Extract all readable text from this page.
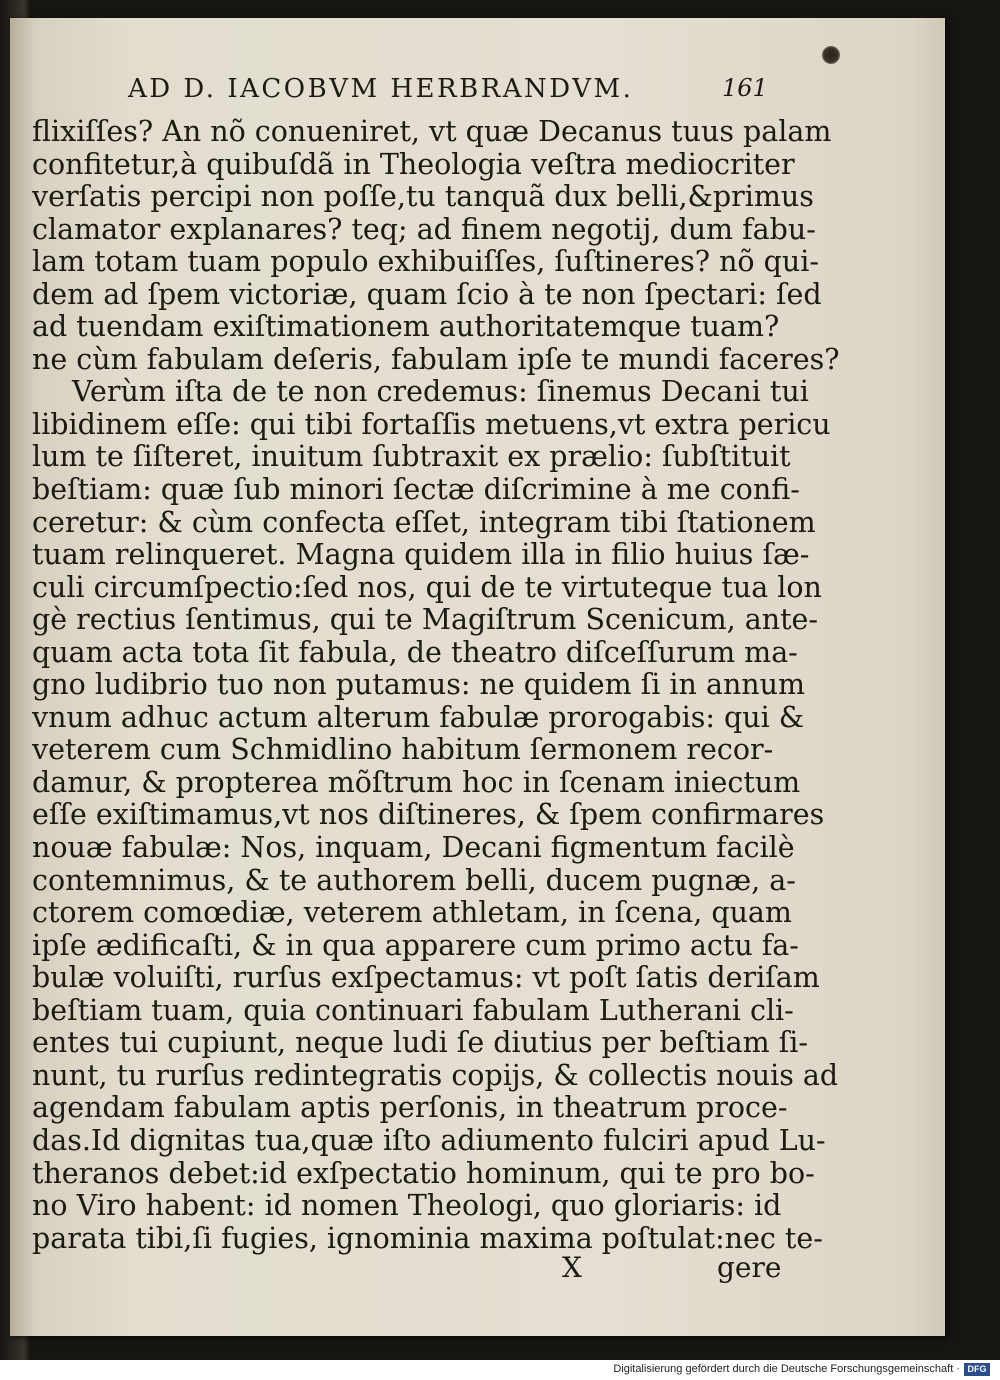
AD D. IACOBVM HERBRANDVM.	161
flixiſſes? An nõ conueniret, vt quæ Decanus tuus palam
confitetur,à quibuſdã in Theologia veſtra mediocriter
verſatis percipi non poſſe,tu tanquã dux belli,&primus
clamator explanares? teq; ad finem negotij, dum fabu-
lam totam tuam populo exhibuiſſes, ſuſtineres? nõ qui-
dem ad ſpem victoriæ, quam ſcio à te non ſpectari: ſed
ad tuendam exiſtimationem authoritatemque tuam?
ne cùm fabulam deſeris, fabulam ipſe te mundi faceres?
Verùm iſta de te non credemus: ſinemus Decani tui
libidinem eſſe: qui tibi fortaſſis metuens,vt extra pericu
lum te ſiſteret, inuitum ſubtraxit ex prælio: ſubſtituit
beſtiam: quæ ſub minori ſectæ diſcrimine à me confi-
ceretur: & cùm confecta eſſet, integram tibi ſtationem
tuam relinqueret. Magna quidem illa in filio huius ſæ-
culi circumſpectio:ſed nos, qui de te virtuteque tua lon
gè rectius ſentimus, qui te Magiſtrum Scenicum, ante-
quam acta tota ſit fabula, de theatro diſceſſurum ma-
gno ludibrio tuo non putamus: ne quidem ſi in annum
vnum adhuc actum alterum fabulæ prorogabis: qui &
veterem cum Schmidlino habitum ſermonem recor-
damur, & propterea mõſtrum hoc in ſcenam iniectum
eſſe exiſtimamus,vt nos diſtineres, & ſpem confirmares
nouæ fabulæ: Nos, inquam, Decani figmentum facilè
contemnimus, & te authorem belli, ducem pugnæ, a-
ctorem comœdiæ, veterem athletam, in ſcena, quam
ipſe ædificaſti, & in qua apparere cum primo actu fa-
bulæ voluiſti, rurſus exſpectamus: vt poſt ſatis deriſam
beſtiam tuam, quia continuari fabulam Lutherani cli-
entes tui cupiunt, neque ludi ſe diutius per beſtiam ſi-
nunt, tu rurſus redintegratis copijs, & collectis nouis ad
agendam fabulam aptis perſonis, in theatrum proce-
das.Id dignitas tua,quæ iſto adiumento fulciri apud Lu-
theranos debet:id exſpectatio hominum, qui te pro bo-
no Viro habent: id nomen Theologi, quo gloriaris: id
parata tibi,ſi fugies, ignominia maxima poſtulat:nec te-
X	gere
Digitalisierung gefördert durch die Deutsche Forschungsgemeinschaft · DFG
